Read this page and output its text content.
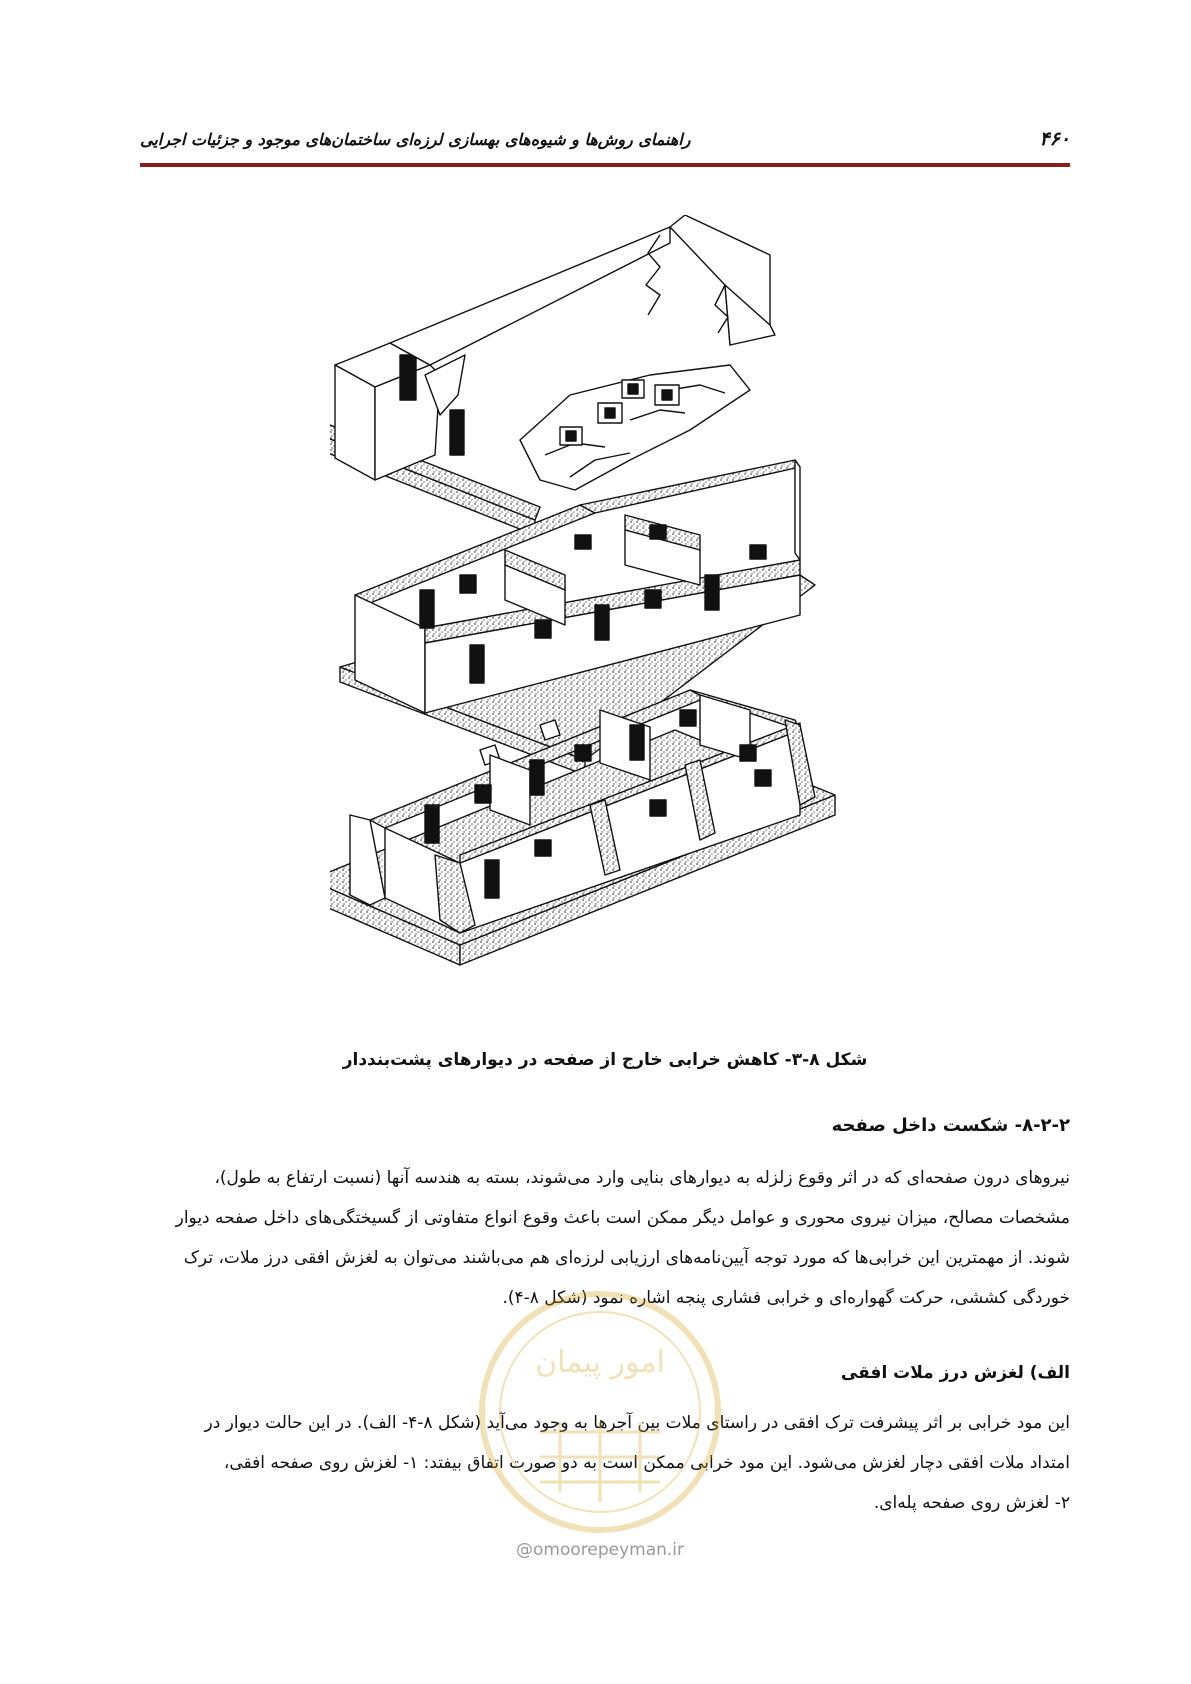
۴۶۰
راهنمای روش‌ها و شیوه‌های بهسازی لرزه‌ای ساختمان‌های موجود و جزئیات اجرایی
شکل ۸-۳- کاهش خرابی خارج از صفحه در دیوارهای پشت‌بنددار
۸-۲-۲- شکست داخل صفحه
نیروهای درون صفحه‌ای که در اثر وقوع زلزله به دیوارهای بنایی وارد می‌شوند، بسته به هندسه آنها (نسبت ارتفاع به طول)،
مشخصات مصالح، میزان نیروی محوری و عوامل دیگر ممکن است باعث وقوع انواع متفاوتی از گسیختگی‌های داخل صفحه دیوار
شوند. از مهمترین این خرابی‌ها که مورد توجه آیین‌نامه‌های ارزیابی لرزه‌ای هم می‌باشند می‌توان به لغزش افقی درز ملات، ترک
خوردگی کششی، حرکت گهواره‌ای و خرابی فشاری پنجه اشاره نمود (شکل ۸-۴).
الف) لغزش درز ملات افقی
این مود خرابی بر اثر پیشرفت ترک افقی در راستای ملات بین آجرها به وجود می‌آید (شکل ۸-۴- الف). در این حالت دیوار در
امتداد ملات افقی دچار لغزش می‌شود. این مود خرابی ممکن است به دو صورت اتفاق بیفتد: ۱- لغزش روی صفحه افقی،
۲- لغزش روی صفحه پله‌ای.
امور پیمان
@omoorepeyman.ir
